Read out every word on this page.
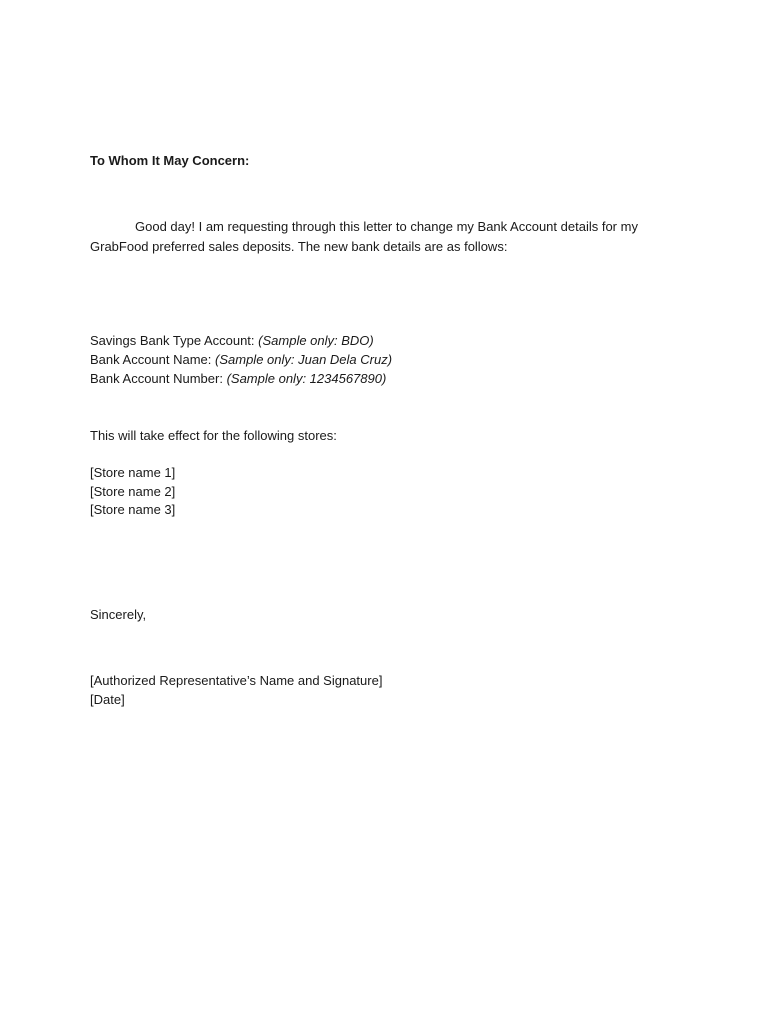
To Whom It May Concern:
Good day! I am requesting through this letter to change my Bank Account details for my
GrabFood preferred sales deposits. The new bank details are as follows:
Savings Bank Type Account: (Sample only: BDO)
Bank Account Name: (Sample only: Juan Dela Cruz)
Bank Account Number: (Sample only: 1234567890)
This will take effect for the following stores:
[Store name 1]
[Store name 2]
[Store name 3]
Sincerely,
[Authorized Representative’s Name and Signature]
[Date]
